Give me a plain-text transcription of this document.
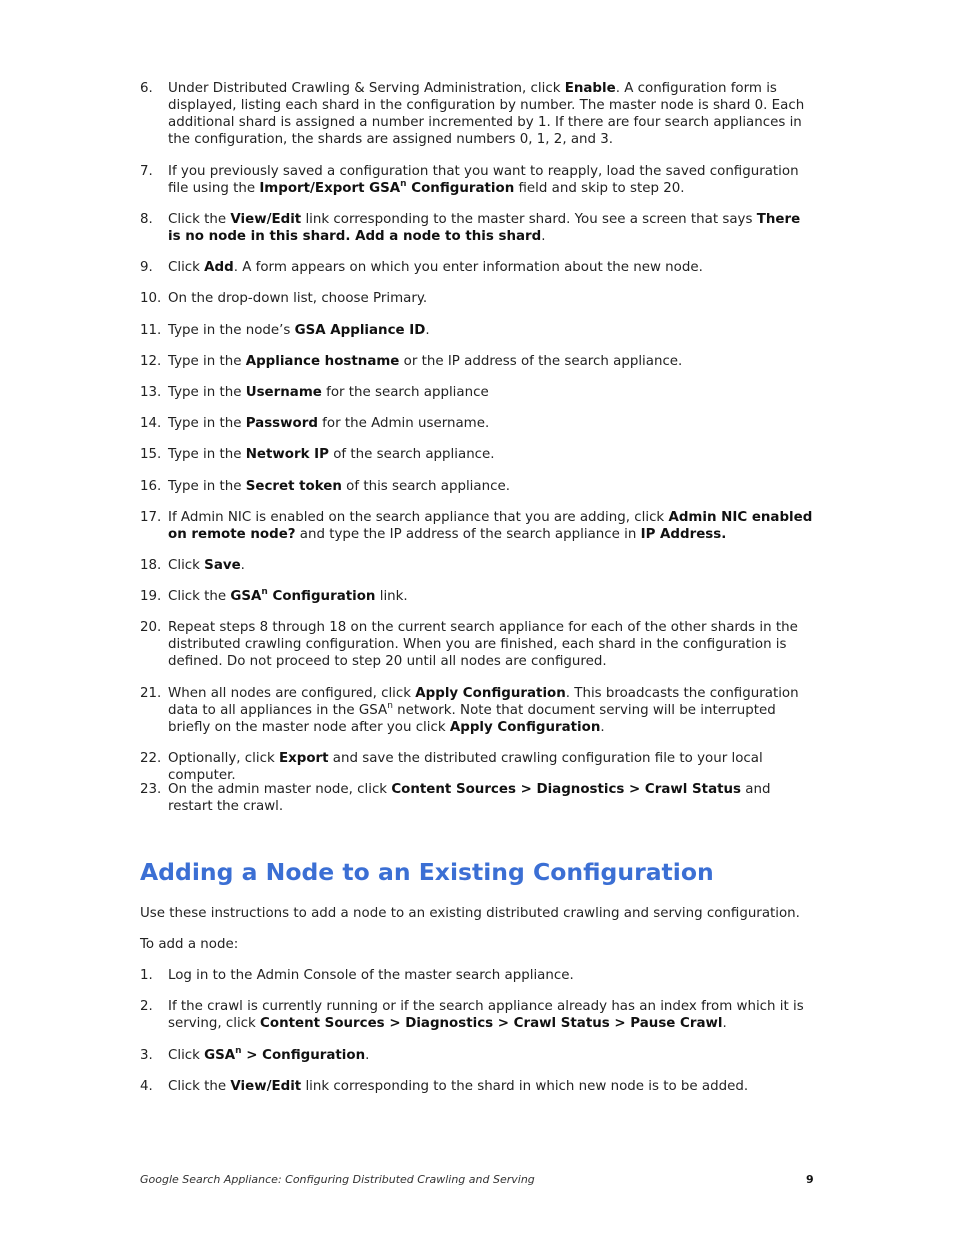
6. Under Distributed Crawling & Serving Administration, click Enable. A configuration form is displayed, listing each shard in the configuration by number. The master node is shard 0. Each additional shard is assigned a number incremented by 1. If there are four search appliances in the configuration, the shards are assigned numbers 0, 1, 2, and 3.
7. If you previously saved a configuration that you want to reapply, load the saved configuration file using the Import/Export GSA$^n$ Configuration field and skip to step 20.
8. Click the View/Edit link corresponding to the master shard. You see a screen that says There is no node in this shard. Add a node to this shard.
9. Click Add. A form appears on which you enter information about the new node.
10. On the drop-down list, choose Primary.
11. Type in the node’s GSA Appliance ID.
12. Type in the Appliance hostname or the IP address of the search appliance.
13. Type in the Username for the search appliance
14. Type in the Password for the Admin username.
15. Type in the Network IP of the search appliance.
16. Type in the Secret token of this search appliance.
17. If Admin NIC is enabled on the search appliance that you are adding, click Admin NIC enabled on remote node? and type the IP address of the search appliance in IP Address.
18. Click Save.
19. Click the GSA$^n$ Configuration link.
20. Repeat steps 8 through 18 on the current search appliance for each of the other shards in the distributed crawling configuration. When you are finished, each shard in the configuration is defined. Do not proceed to step 20 until all nodes are configured.
21. When all nodes are configured, click Apply Configuration. This broadcasts the configuration data to all appliances in the GSA$^n$ network. Note that document serving will be interrupted briefly on the master node after you click Apply Configuration.
22. Optionally, click Export and save the distributed crawling configuration file to your local computer.
23. On the admin master node, click Content Sources > Diagnostics > Crawl Status and restart the crawl.
Adding a Node to an Existing Configuration

Use these instructions to add a node to an existing distributed crawling and serving configuration.

To add a node:

1. Log in to the Admin Console of the master search appliance.
2. If the crawl is currently running or if the search appliance already has an index from which it is serving, click Content Sources > Diagnostics > Crawl Status > Pause Crawl.
3. Click $GSA^n$ > Configuration.
4. Click the View/Edit link corresponding to the shard in which new node is to be added.
Google Search Appliance: Configuring Distributed Crawling and Serving	9
